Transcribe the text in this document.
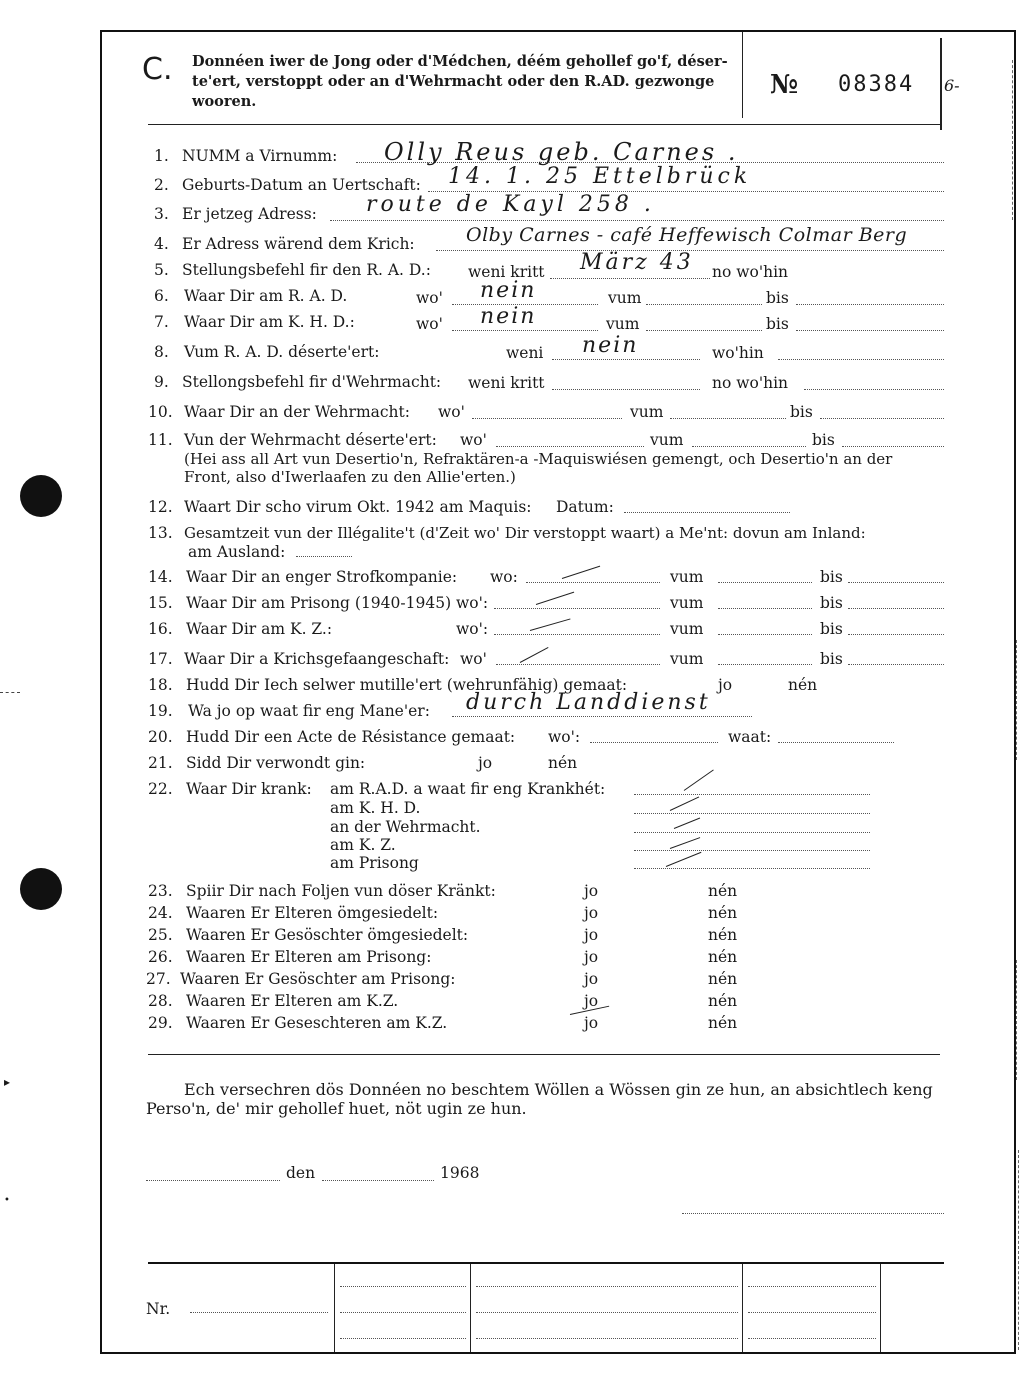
▸
•
C. Donnéen iwer de Jong oder d'Médchen, déém gehollef go'f, déser-
te'ert, verstoppt oder an d'Wehrmacht oder den R.AD. gezwonge
wooren.
№ 08384 6-
1. NUMM a Virnumm: Olly Reus geb. Carnes .
2. Geburts-Datum an Uertschaft: 14. 1. 25 Ettelbrück
3. Er jetzeg Adress: route de Kayl 258 .
4. Er Adress wärend dem Krich:	Olby Carnes - café Heffewisch Colmar Berg
5. Stellungsbefehl fir den R. A. D.: weni kritt März 43 no wo'hin
6. Waar Dir am R. A. D.	wo' nein	vum	bis
7. Waar Dir am K. H. D.:	wo' nein	vum	bis
8. Vum R. A. D. déserte'ert:	weni nein	wo'hin
9. Stellongsbefehl fir d'Wehrmacht: weni kritt	no wo'hin
10. Waar Dir an der Wehrmacht: wo'	vum	bis
11. Vun der Wehrmacht déserte'ert: wo'	vum	bis
(Hei ass all Art vun Desertio'n, Refraktären-a -Maquiswiésen gemengt, och Desertio'n an der
Front, also d'Iwerlaafen zu den Allie'erten.)
12. Waart Dir scho virum Okt. 1942 am Maquis: Datum:
13. Gesamtzeit vun der Illégalite't (d'Zeit wo' Dir verstoppt waart) a Me'nt: dovun am Inland:
am Ausland:
14. Waar Dir an enger Strofkompanie: wo:	vum	bis
15. Waar Dir am Prisong (1940-1945) wo':	vum	bis
16. Waar Dir am K. Z.:	wo':	vum	bis
17. Waar Dir a Krichsgefaangeschaft: wo'	vum	bis
18. Hudd Dir Iech selwer mutille'ert (wehrunfähig) gemaat:	jo	nén
19. Wa jo op waat fir eng Mane'er: durch Landdienst
20. Hudd Dir een Acte de Résistance gemaat: wo':	waat:
21. Sidd Dir verwondt gin:	jo	nén
22. Waar Dir krank: am R.A.D. a waat fir eng Krankhét:
am K. H. D.
an der Wehrmacht.
am K. Z.
am Prisong
23. Spiir Dir nach Foljen vun döser Kränkt:	jo	nén
24. Waaren Er Elteren ömgesiedelt:	jo	nén
25. Waaren Er Gesöschter ömgesiedelt:	jo	nén
26. Waaren Er Elteren am Prisong:	jo	nén
27. Waaren Er Gesöschter am Prisong:	jo	nén
28. Waaren Er Elteren am K.Z.	jo	nén
29. Waaren Er Geseschteren am K.Z.	jo	nén
Ech versechren dös Donnéen no beschtem Wöllen a Wössen gin ze hun, an absichtlech keng
Perso'n, de' mir gehollef huet, nöt ugin ze hun.
den	1968
Nr.
